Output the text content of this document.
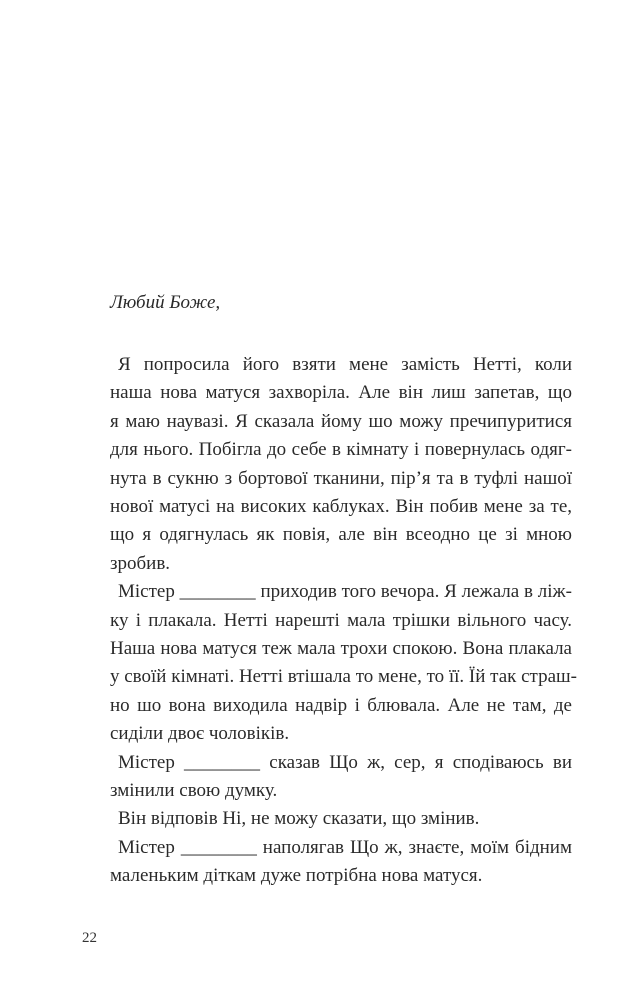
Любий Боже,
Я попросила його взяти мене замість Нетті, коли
наша нова матуся захворіла. Але він лиш запетав, що
я маю наувазі. Я сказала йому шо можу пречипуритися
для нього. Побігла до себе в кімнату і повернулась одяг-
нута в сукню з бортової тканини, пір’я та в туфлі нашої
нової матусі на високих каблуках. Він побив мене за те,
що я одягнулась як повія, але він всеодно це зі мною
зробив.
Містер ________ приходив того вечора. Я лежала в ліж-
ку і плакала. Нетті нарешті мала трішки вільного часу.
Наша нова матуся теж мала трохи спокою. Вона плакала
у своїй кімнаті. Нетті втішала то мене, то її. Їй так страш-
но шо вона виходила надвір і блювала. Але не там, де
сиділи двоє чоловіків.
Містер ________ сказав Що ж, сер, я сподіваюсь ви
змінили свою думку.
Він відповів Ні, не можу сказати, що змінив.
Містер ________ наполягав Що ж, знаєте, моїм бідним
маленьким діткам дуже потрібна нова матуся.
22
